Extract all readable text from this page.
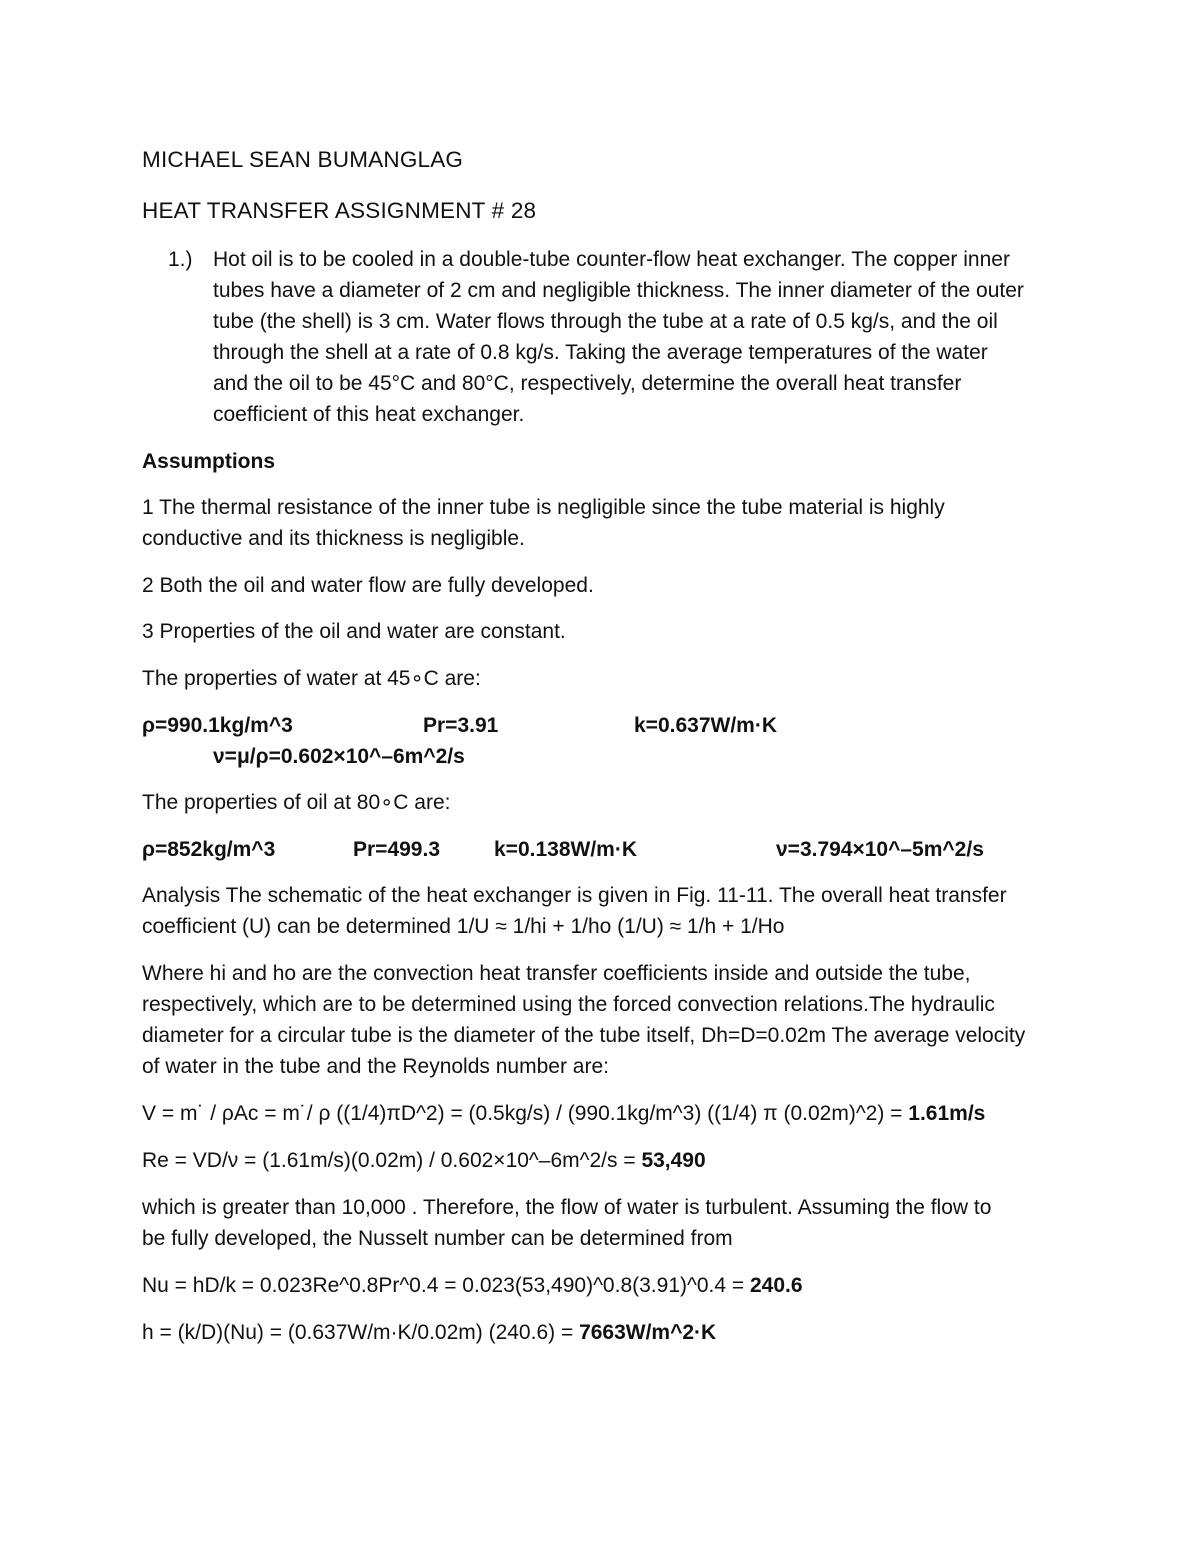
MICHAEL SEAN BUMANGLAG
HEAT TRANSFER ASSIGNMENT # 28
1.) Hot oil is to be cooled in a double-tube counter-flow heat exchanger. The copper inner
tubes have a diameter of 2 cm and negligible thickness. The inner diameter of the outer
tube (the shell) is 3 cm. Water flows through the tube at a rate of 0.5 kg/s, and the oil
through the shell at a rate of 0.8 kg/s. Taking the average temperatures of the water
and the oil to be 45°C and 80°C, respectively, determine the overall heat transfer
coefficient of this heat exchanger.
Assumptions
1 The thermal resistance of the inner tube is negligible since the tube material is highly
conductive and its thickness is negligible.
2 Both the oil and water flow are fully developed.
3 Properties of the oil and water are constant.
The properties of water at 45∘C are:
ρ=990.1kg/m^3	Pr=3.91	k=0.637W/m·K
ν=μ/ρ=0.602×10^–6m^2/s
The properties of oil at 80∘C are:
ρ=852kg/m^3	Pr=499.3	k=0.138W/m·K	ν=3.794×10^–5m^2/s
Analysis The schematic of the heat exchanger is given in Fig. 11-11. The overall heat transfer
coefficient (U) can be determined 1/U ≈ 1/hi + 1/ho (1/U) ≈ 1/h + 1/Ho
Where hi and ho are the convection heat transfer coefficients inside and outside the tube,
respectively, which are to be determined using the forced convection relations.The hydraulic
diameter for a circular tube is the diameter of the tube itself, Dh=D=0.02m The average velocity
of water in the tube and the Reynolds number are:
V = m˙ / ρAc = m˙/ ρ ((1/4)πD^2) = (0.5kg/s) / (990.1kg/m^3) ((1/4) π (0.02m)^2) = 1.61m/s
Re = VD/ν = (1.61m/s)(0.02m) / 0.602×10^–6m^2/s = 53,490
which is greater than 10,000 . Therefore, the flow of water is turbulent. Assuming the flow to
be fully developed, the Nusselt number can be determined from
Nu = hD/k = 0.023Re^0.8Pr^0.4 = 0.023(53,490)^0.8(3.91)^0.4 = 240.6
h = (k/D)(Nu) = (0.637W/m·K/0.02m) (240.6) = 7663W/m^2·K
